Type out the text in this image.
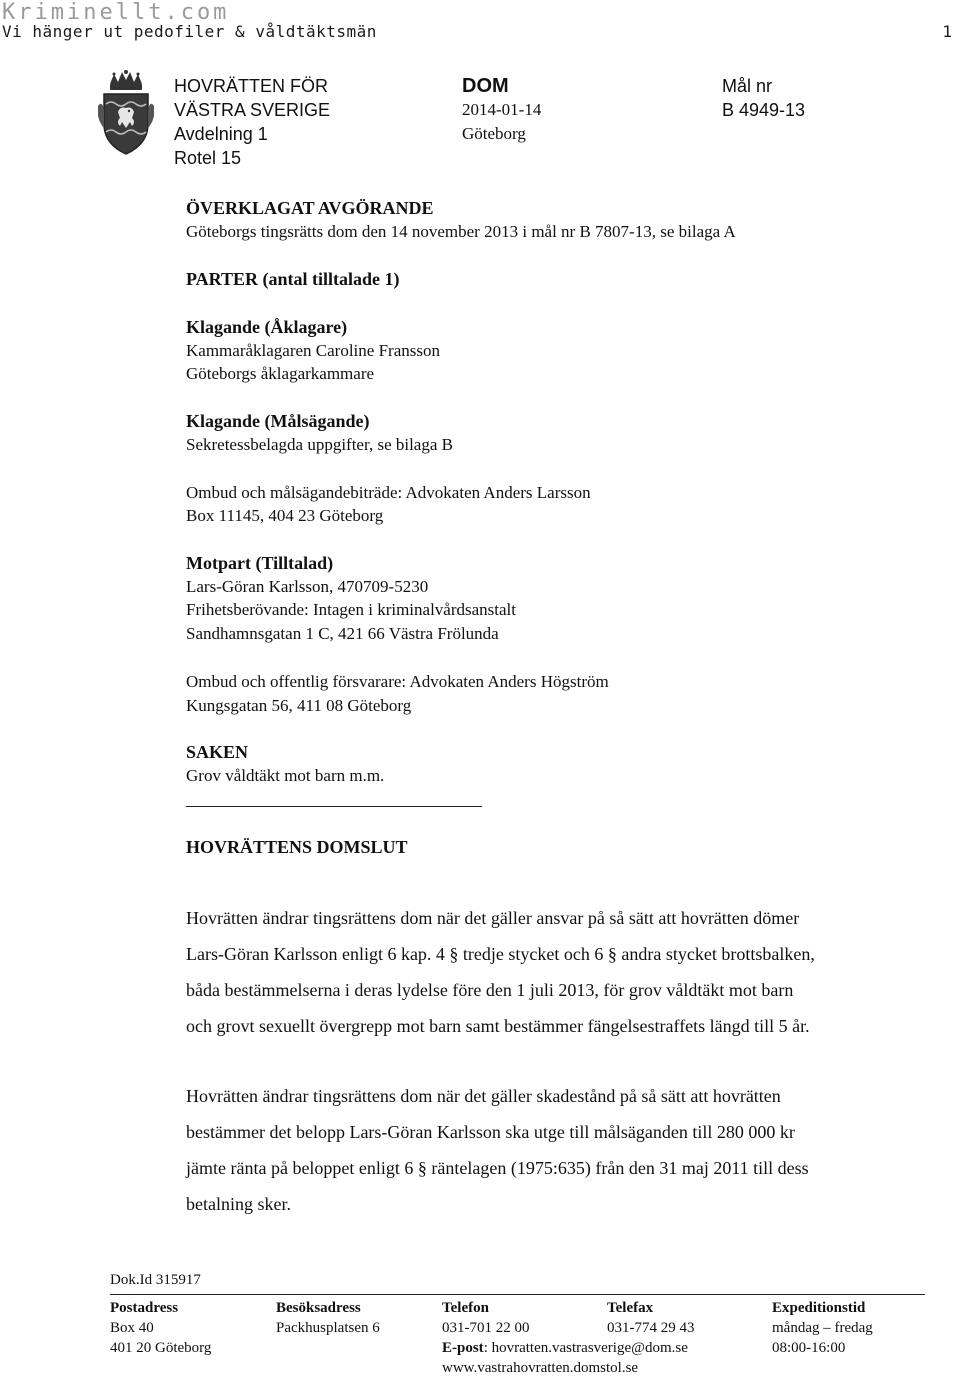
Kriminellt.com
Vi hänger ut pedofiler & våldtäktsmän	1
HOVRÄTTEN FÖR
VÄSTRA SVERIGE
Avdelning 1
Rotel 15
DOM
2014-01-14
Göteborg
Mål nr
B 4949-13
ÖVERKLAGAT AVGÖRANDE
Göteborgs tingsrätts dom den 14 november 2013 i mål nr B 7807-13, se bilaga A
PARTER (antal tilltalade 1)
Klagande (Åklagare)
Kammaråklagaren Caroline Fransson
Göteborgs åklagarkammare
Klagande (Målsägande)
Sekretessbelagda uppgifter, se bilaga B
Ombud och målsägandebiträde: Advokaten Anders Larsson
Box 11145, 404 23 Göteborg
Motpart (Tilltalad)
Lars-Göran Karlsson, 470709-5230
Frihetsberövande: Intagen i kriminalvårdsanstalt
Sandhamnsgatan 1 C, 421 66 Västra Frölunda
Ombud och offentlig försvarare: Advokaten Anders Högström
Kungsgatan 56, 411 08 Göteborg
SAKEN
Grov våldtäkt mot barn m.m.
HOVRÄTTENS DOMSLUT
Hovrätten ändrar tingsrättens dom när det gäller ansvar på så sätt att hovrätten dömer
Lars-Göran Karlsson enligt 6 kap. 4 § tredje stycket och 6 § andra stycket brottsbalken,
båda bestämmelserna i deras lydelse före den 1 juli 2013, för grov våldtäkt mot barn
och grovt sexuellt övergrepp mot barn samt bestämmer fängelsestraffets längd till 5 år.
Hovrätten ändrar tingsrättens dom när det gäller skadestånd på så sätt att hovrätten
bestämmer det belopp Lars-Göran Karlsson ska utge till målsäganden till 280 000 kr
jämte ränta på beloppet enligt 6 § räntelagen (1975:635) från den 31 maj 2011 till dess
betalning sker.
Dok.Id 315917
Postadress
Box 40
401 20 Göteborg
Besöksadress
Packhusplatsen 6
Telefon
031-701 22 00
E-post: hovratten.vastrasverige@dom.se
www.vastrahovratten.domstol.se
Telefax
031-774 29 43
Expeditionstid
måndag – fredag
08:00-16:00
